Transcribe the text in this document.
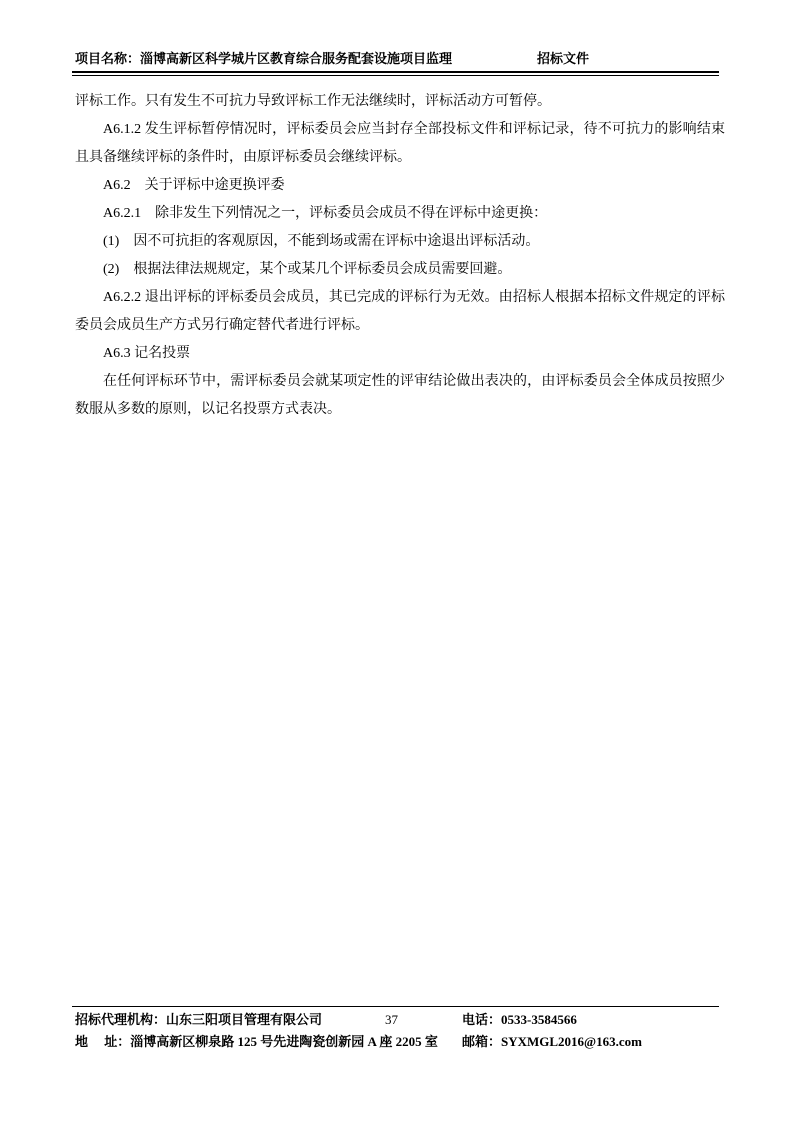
项目名称：淄博高新区科学城片区教育综合服务配套设施项目监理	招标文件

评标工作。只有发生不可抗力导致评标工作无法继续时，评标活动方可暂停。

A6.1.2 发生评标暂停情况时，评标委员会应当封存全部投标文件和评标记录，待不可抗力的影响结束且具备继续评标的条件时，由原评标委员会继续评标。

A6.2　关于评标中途更换评委

A6.2.1　除非发生下列情况之一，评标委员会成员不得在评标中途更换：

(1)　因不可抗拒的客观原因，不能到场或需在评标中途退出评标活动。

(2)　根据法律法规规定，某个或某几个评标委员会成员需要回避。

A6.2.2 退出评标的评标委员会成员，其已完成的评标行为无效。由招标人根据本招标文件规定的评标委员会成员生产方式另行确定替代者进行评标。

A6.3 记名投票

在任何评标环节中，需评标委员会就某项定性的评审结论做出表决的，由评标委员会全体成员按照少数服从多数的原则，以记名投票方式表决。

招标代理机构：山东三阳项目管理有限公司	37	电话：0533-3584566
地　 址：淄博高新区柳泉路 125 号先进陶瓷创新园 A 座 2205 室 邮箱：SYXMGL2016@163.com
